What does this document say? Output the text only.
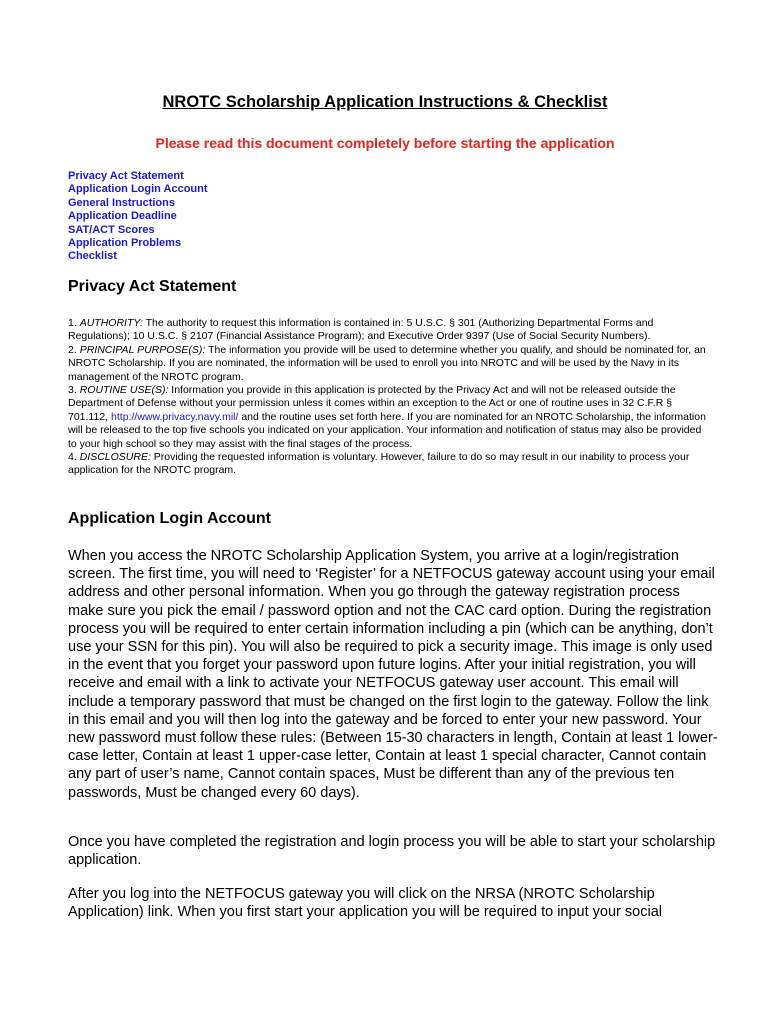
NROTC Scholarship Application Instructions & Checklist
Please read this document completely before starting the application
Privacy Act Statement
Application Login Account
General Instructions
Application Deadline
SAT/ACT Scores
Application Problems
Checklist
Privacy Act Statement

1. AUTHORITY: The authority to request this information is contained in: 5 U.S.C. § 301 (Authorizing Departmental Forms and Regulations); 10 U.S.C. § 2107 (Financial Assistance Program); and Executive Order 9397 (Use of Social Security Numbers).
2. PRINCIPAL PURPOSE(S): The information you provide will be used to determine whether you qualify, and should be nominated for, an NROTC Scholarship. If you are nominated, the information will be used to enroll you into NROTC and will be used by the Navy in its management of the NROTC program.
3. ROUTINE USE(S): Information you provide in this application is protected by the Privacy Act and will not be released outside the Department of Defense without your permission unless it comes within an exception to the Act or one of routine uses in 32 C.F.R § 701.112, http://www.privacy.navy.mil/ and the routine uses set forth here. If you are nominated for an NROTC Scholarship, the information will be released to the top five schools you indicated on your application. Your information and notification of status may also be provided to your high school so they may assist with the final stages of the process.
4. DISCLOSURE: Providing the requested information is voluntary. However, failure to do so may result in our inability to process your application for the NROTC program.

Application Login Account

When you access the NROTC Scholarship Application System, you arrive at a login/registration screen. The first time, you will need to ‘Register’ for a NETFOCUS gateway account using your email address and other personal information. When you go through the gateway registration process make sure you pick the email / password option and not the CAC card option. During the registration process you will be required to enter certain information including a pin (which can be anything, don’t use your SSN for this pin). You will also be required to pick a security image. This image is only used in the event that you forget your password upon future logins. After your initial registration, you will receive and email with a link to activate your NETFOCUS gateway user account. This email will include a temporary password that must be changed on the first login to the gateway. Follow the link in this email and you will then log into the gateway and be forced to enter your new password. Your new password must follow these rules: (Between 15-30 characters in length, Contain at least 1 lower-case letter, Contain at least 1 upper-case letter, Contain at least 1 special character, Cannot contain any part of user’s name, Cannot contain spaces, Must be different than any of the previous ten passwords, Must be changed every 60 days).

Once you have completed the registration and login process you will be able to start your scholarship application.

After you log into the NETFOCUS gateway you will click on the NRSA (NROTC Scholarship Application) link. When you first start your application you will be required to input your social
